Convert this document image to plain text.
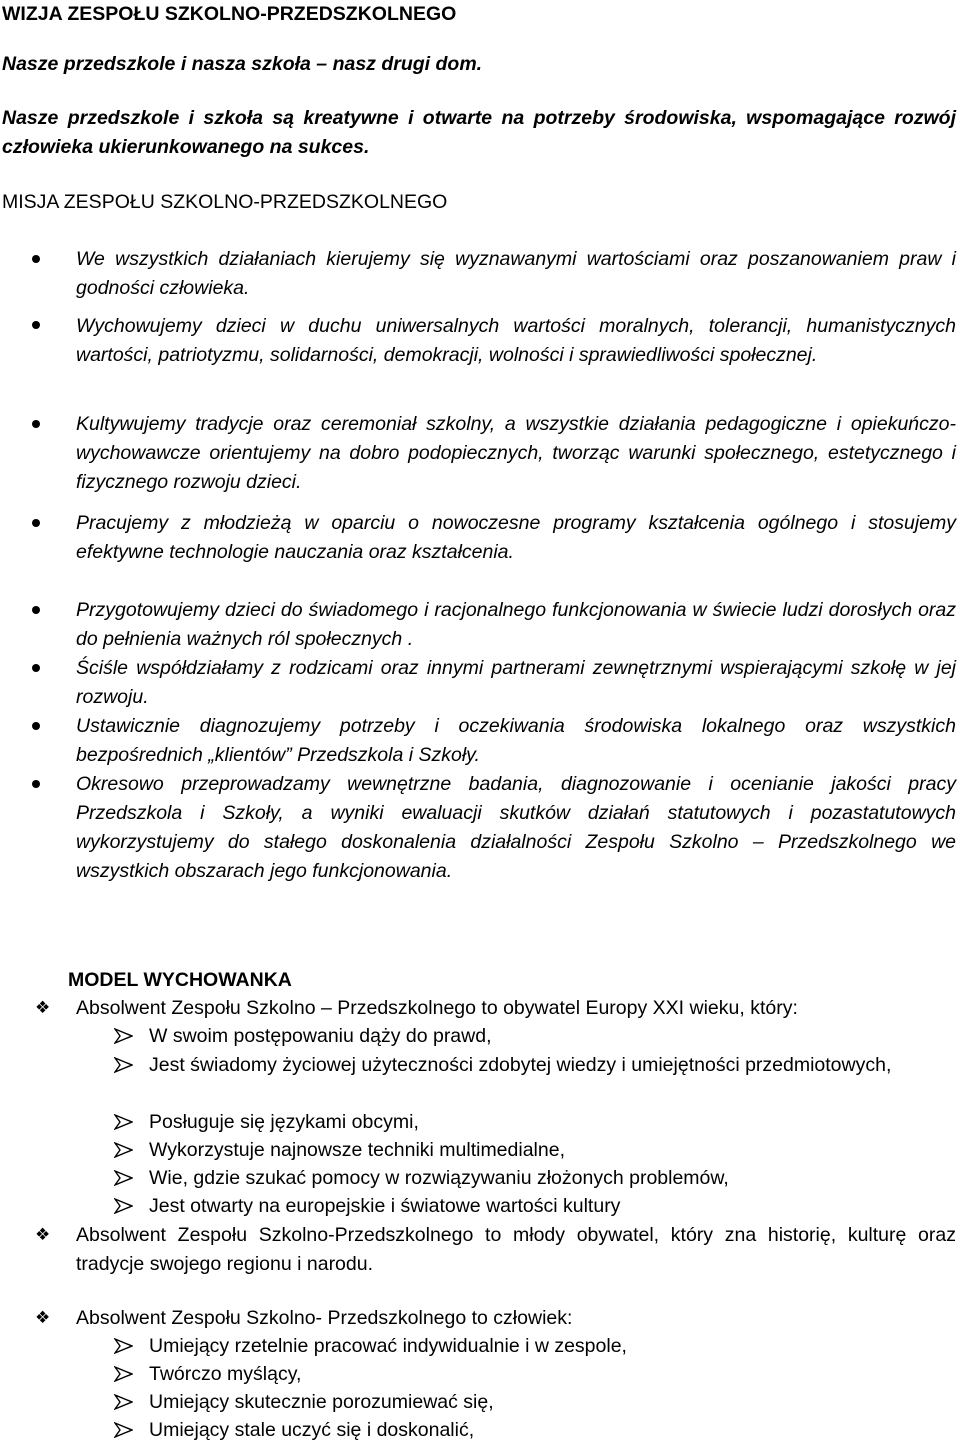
WIZJA ZESPOŁU SZKOLNO-PRZEDSZKOLNEGO
Nasze przedszkole i nasza szkoła – nasz drugi dom.
Nasze przedszkole i szkoła są kreatywne i otwarte na potrzeby środowiska, wspomagające rozwój człowieka ukierunkowanego na sukces.
MISJA ZESPOŁU SZKOLNO-PRZEDSZKOLNEGO
We wszystkich działaniach kierujemy się wyznawanymi wartościami oraz poszanowaniem praw i godności człowieka.
Wychowujemy dzieci w duchu uniwersalnych wartości moralnych, tolerancji, humanistycznych wartości, patriotyzmu, solidarności, demokracji, wolności i sprawiedliwości społecznej.
Kultywujemy tradycje oraz ceremoniał szkolny, a wszystkie działania pedagogiczne i opiekuńczo-wychowawcze orientujemy na dobro podopiecznych, tworząc warunki społecznego, estetycznego i fizycznego rozwoju dzieci.
Pracujemy z młodzieżą w oparciu o nowoczesne programy kształcenia ogólnego i stosujemy efektywne technologie nauczania oraz kształcenia.
Przygotowujemy dzieci do świadomego i racjonalnego funkcjonowania w świecie ludzi dorosłych oraz do pełnienia ważnych ról społecznych .
Ściśle współdziałamy z rodzicami oraz innymi partnerami zewnętrznymi wspierającymi szkołę w jej rozwoju.
Ustawicznie diagnozujemy potrzeby i oczekiwania środowiska lokalnego oraz wszystkich bezpośrednich „klientów” Przedszkola i Szkoły.
Okresowo przeprowadzamy wewnętrzne badania, diagnozowanie i ocenianie jakości pracy Przedszkola i Szkoły, a wyniki ewaluacji skutków działań statutowych i pozastatutowych wykorzystujemy do stałego doskonalenia działalności Zespołu Szkolno – Przedszkolnego we wszystkich obszarach jego funkcjonowania.
MODEL WYCHOWANKA
❖ Absolwent Zespołu Szkolno – Przedszkolnego to obywatel Europy XXI wieku, który:
W swoim postępowaniu dąży do prawd,
Jest świadomy życiowej użyteczności zdobytej wiedzy i umiejętności przedmiotowych,
Posługuje się językami obcymi,
Wykorzystuje najnowsze techniki multimedialne,
Wie, gdzie szukać pomocy w rozwiązywaniu złożonych problemów,
Jest otwarty na europejskie i światowe wartości kultury
❖ Absolwent Zespołu Szkolno-Przedszkolnego to młody obywatel, który zna historię, kulturę oraz tradycje swojego regionu i narodu.
❖ Absolwent Zespołu Szkolno- Przedszkolnego to człowiek:
Umiejący rzetelnie pracować indywidualnie i w zespole,
Twórczo myślący,
Umiejący skutecznie porozumiewać się,
Umiejący stale uczyć się i doskonalić,
